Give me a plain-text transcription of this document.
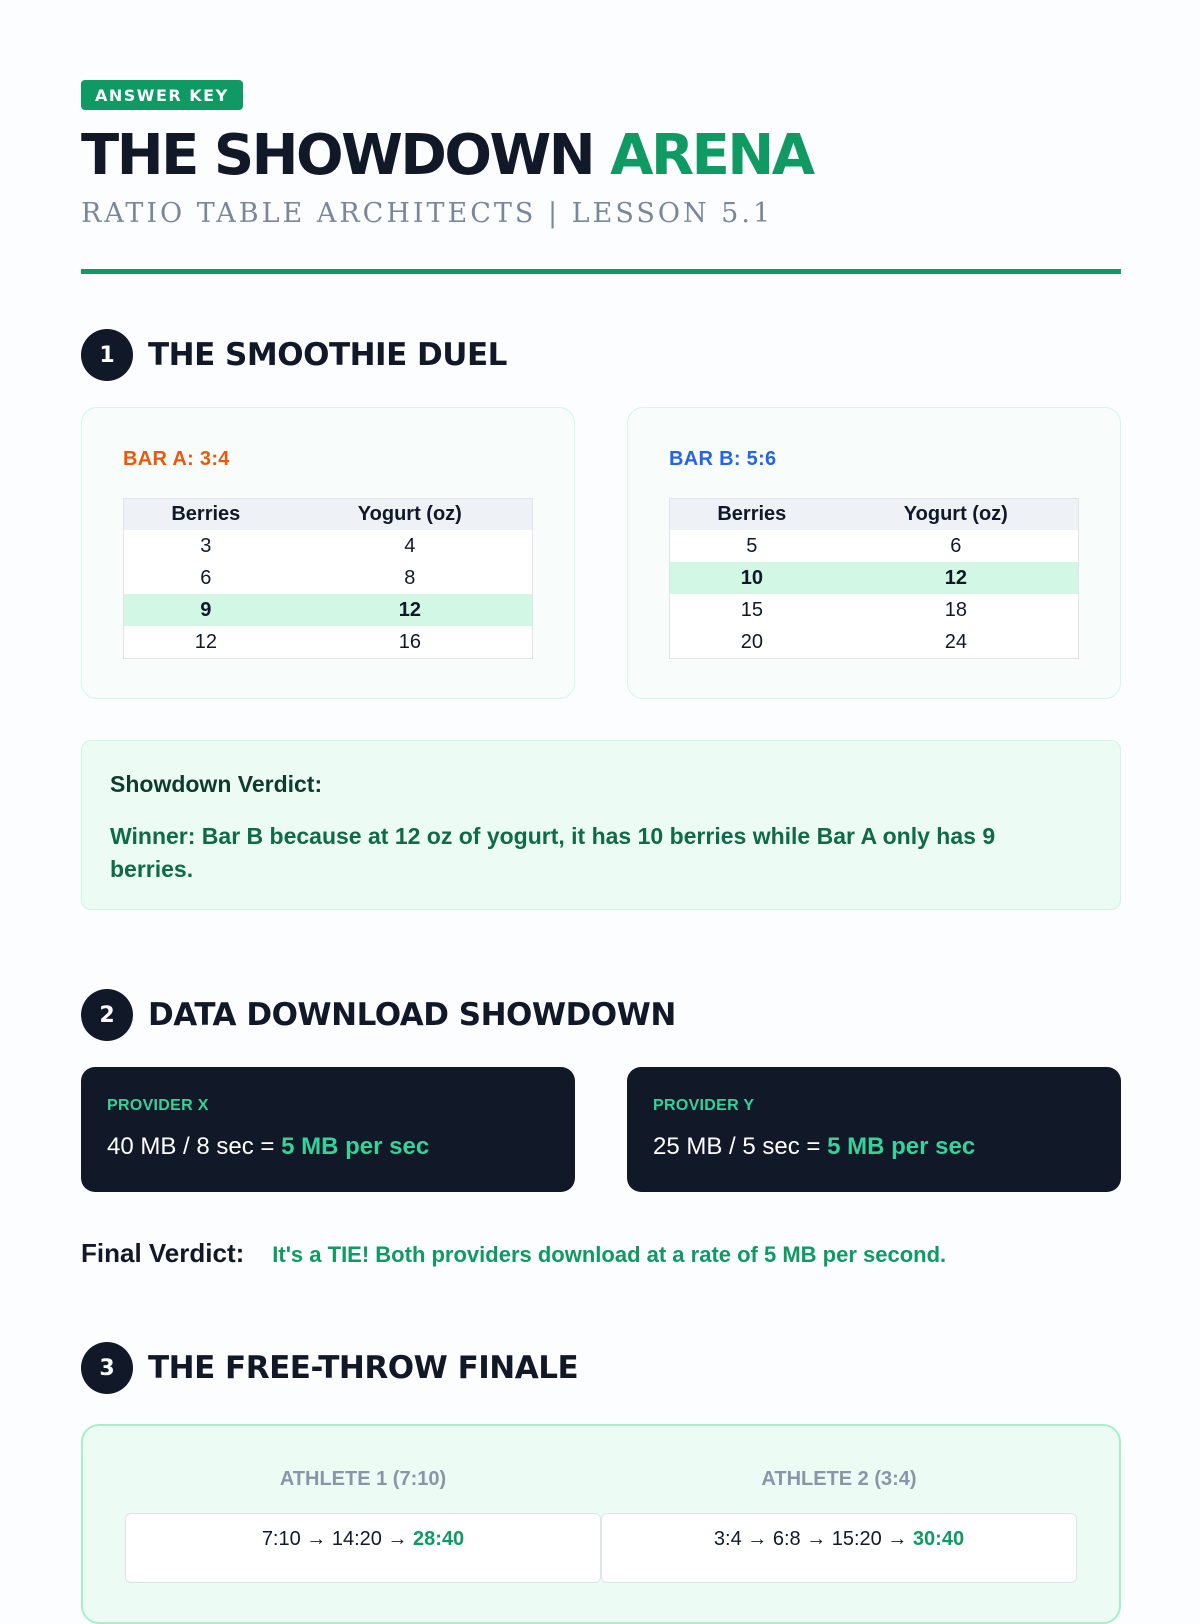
ANSWER KEY
THE SHOWDOWN ARENA
RATIO TABLE ARCHITECTS | LESSON 5.1
1	THE SMOOTHIE DUEL
BAR A: 3:4
Berries	Yogurt (oz)
3	4
6	8
9	12
12	16
BAR B: 5:6
Berries	Yogurt (oz)
5	6
10	12
15	18
20	24
Showdown Verdict:
Winner: Bar B because at 12 oz of yogurt, it has 10 berries while Bar A only has 9 berries.
2	DATA DOWNLOAD SHOWDOWN
PROVIDER X
40 MB / 8 sec = 5 MB per sec
PROVIDER Y
25 MB / 5 sec = 5 MB per sec
Final Verdict: It's a TIE! Both providers download at a rate of 5 MB per second.
3	THE FREE-THROW FINALE
ATHLETE 1 (7:10)
7:10 → 14:20 → 28:40
ATHLETE 2 (3:4)
3:4 → 6:8 → 15:20 → 30:40
